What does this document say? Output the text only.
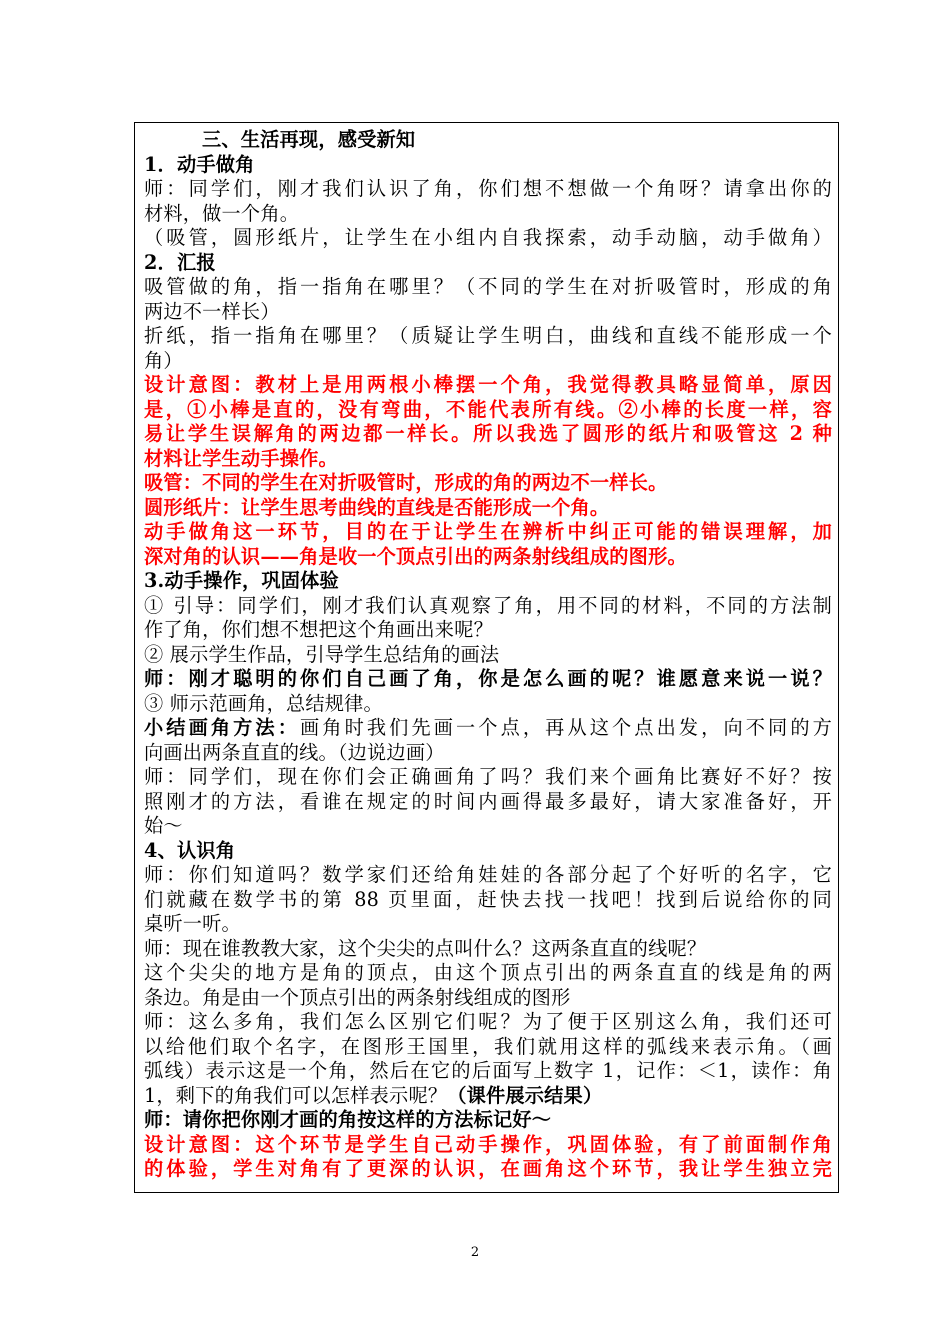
三、生活再现，感受新知
1．动手做角
师：同学们，刚才我们认识了角，你们想不想做一个角呀？请拿出你的
材料，做一个角。
（吸管，圆形纸片，让学生在小组内自我探索，动手动脑，动手做角）
2．汇报
吸管做的角，指一指角在哪里？（不同的学生在对折吸管时，形成的角
两边不一样长）
折纸，指一指角在哪里？（质疑让学生明白，曲线和直线不能形成一个
角）
设计意图：教材上是用两根小棒摆一个角，我觉得教具略显简单，原因
是，①小棒是直的，没有弯曲，不能代表所有线。②小棒的长度一样，容
易让学生误解角的两边都一样长。所以我选了圆形的纸片和吸管这 2 种
材料让学生动手操作。
吸管：不同的学生在对折吸管时，形成的角的两边不一样长。
圆形纸片：让学生思考曲线的直线是否能形成一个角。
动手做角这一环节，目的在于让学生在辨析中纠正可能的错误理解，加
深对角的认识——角是收一个顶点引出的两条射线组成的图形。
3.动手操作，巩固体验
① 引导：同学们，刚才我们认真观察了角，用不同的材料，不同的方法制
作了角，你们想不想把这个角画出来呢？
② 展示学生作品，引导学生总结角的画法
师：刚才聪明的你们自己画了角，你是怎么画的呢？谁愿意来说一说？
③ 师示范画角，总结规律。
小结画角方法：画角时我们先画一个点，再从这个点出发，向不同的方
向画出两条直直的线。（边说边画）
师：同学们，现在你们会正确画角了吗？我们来个画角比赛好不好？按
照刚才的方法，看谁在规定的时间内画得最多最好，请大家准备好，开
始～
4、认识角
师：你们知道吗？数学家们还给角娃娃的各部分起了个好听的名字，它
们就藏在数学书的第 88 页里面，赶快去找一找吧！找到后说给你的同
桌听一听。
师：现在谁教教大家，这个尖尖的点叫什么？这两条直直的线呢？
这个尖尖的地方是角的顶点，由这个顶点引出的两条直直的线是角的两
条边。角是由一个顶点引出的两条射线组成的图形
师：这么多角，我们怎么区别它们呢？为了便于区别这么角，我们还可
以给他们取个名字，在图形王国里，我们就用这样的弧线来表示角。（画
弧线）表示这是一个角，然后在它的后面写上数字 1，记作：＜1，读作：角
1，剩下的角我们可以怎样表示呢？（课件展示结果）
师：请你把你刚才画的角按这样的方法标记好～
设计意图：这个环节是学生自己动手操作，巩固体验，有了前面制作角
的体验，学生对角有了更深的认识，在画角这个环节，我让学生独立完
2
